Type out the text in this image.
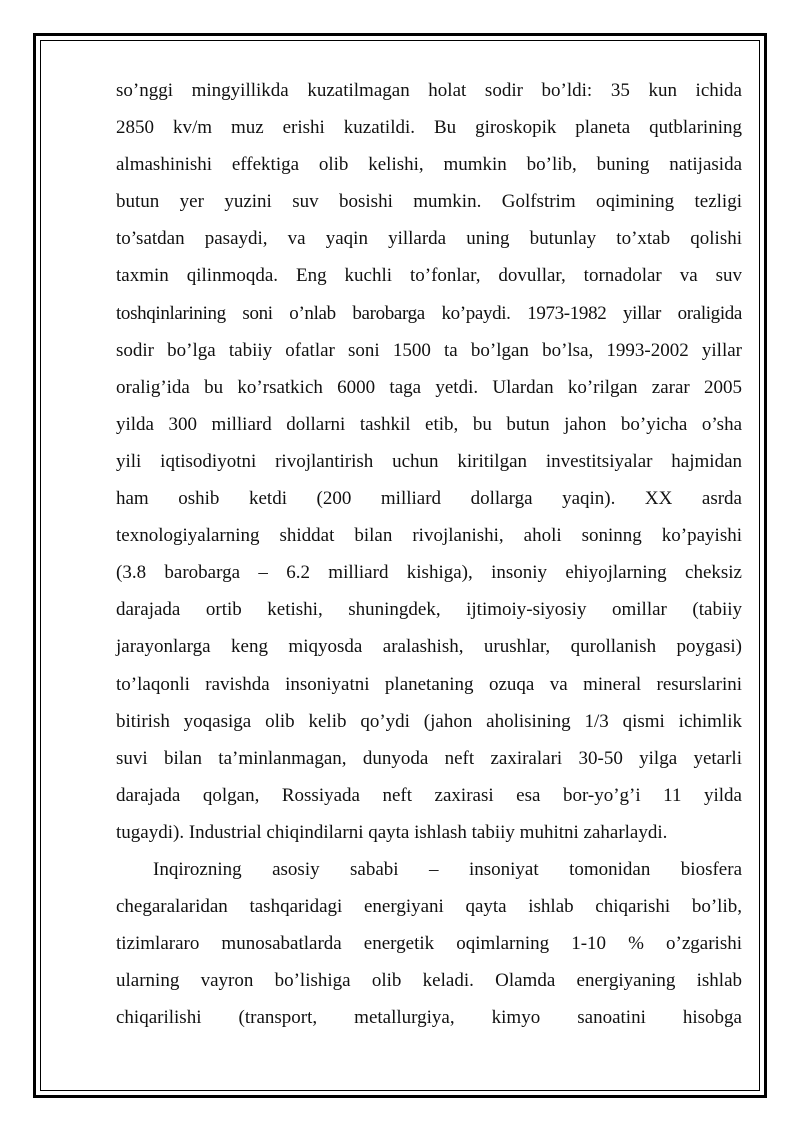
so’nggi mingyillikda kuzatilmagan holat sodir bo’ldi: 35 kun ichida
2850 kv/m muz erishi kuzatildi. Bu giroskopik planeta qutblarining
almashinishi effektiga olib kelishi, mumkin bo’lib, buning natijasida
butun yer yuzini suv bosishi mumkin. Golfstrim oqimining tezligi
to’satdan pasaydi, va yaqin yillarda uning butunlay to’xtab qolishi
taxmin qilinmoqda. Eng kuchli to’fonlar, dovullar, tornadolar va suv
toshqinlarining soni o’nlab barobarga ko’paydi. 1973-1982 yillar oraligida
sodir bo’lga tabiiy ofatlar soni 1500 ta bo’lgan bo’lsa, 1993-2002 yillar
oralig’ida bu ko’rsatkich 6000 taga yetdi. Ulardan ko’rilgan zarar 2005
yilda 300 milliard dollarni tashkil etib, bu butun jahon bo’yicha o’sha
yili iqtisodiyotni rivojlantirish uchun kiritilgan investitsiyalar hajmidan
ham oshib ketdi (200 milliard dollarga yaqin). XX asrda
texnologiyalarning shiddat bilan rivojlanishi, aholi soninng ko’payishi
(3.8 barobarga – 6.2 milliard kishiga), insoniy ehiyojlarning cheksiz
darajada ortib ketishi, shuningdek, ijtimoiy-siyosiy omillar (tabiiy
jarayonlarga keng miqyosda aralashish, urushlar, qurollanish poygasi)
to’laqonli ravishda insoniyatni planetaning ozuqa va mineral resurslarini
bitirish yoqasiga olib kelib qo’ydi (jahon aholisining 1/3 qismi ichimlik
suvi bilan ta’minlanmagan, dunyoda neft zaxiralari 30-50 yilga yetarli
darajada qolgan, Rossiyada neft zaxirasi esa bor-yo’g’i 11 yilda
tugaydi). Industrial chiqindilarni qayta ishlash tabiiy muhitni zaharlaydi.
Inqirozning asosiy sababi – insoniyat tomonidan biosfera
chegaralaridan tashqaridagi energiyani qayta ishlab chiqarishi bo’lib,
tizimlararo munosabatlarda energetik oqimlarning 1-10 % o’zgarishi
ularning vayron bo’lishiga olib keladi. Olamda energiyaning ishlab
chiqarilishi (transport, metallurgiya, kimyo sanoatini hisobga
